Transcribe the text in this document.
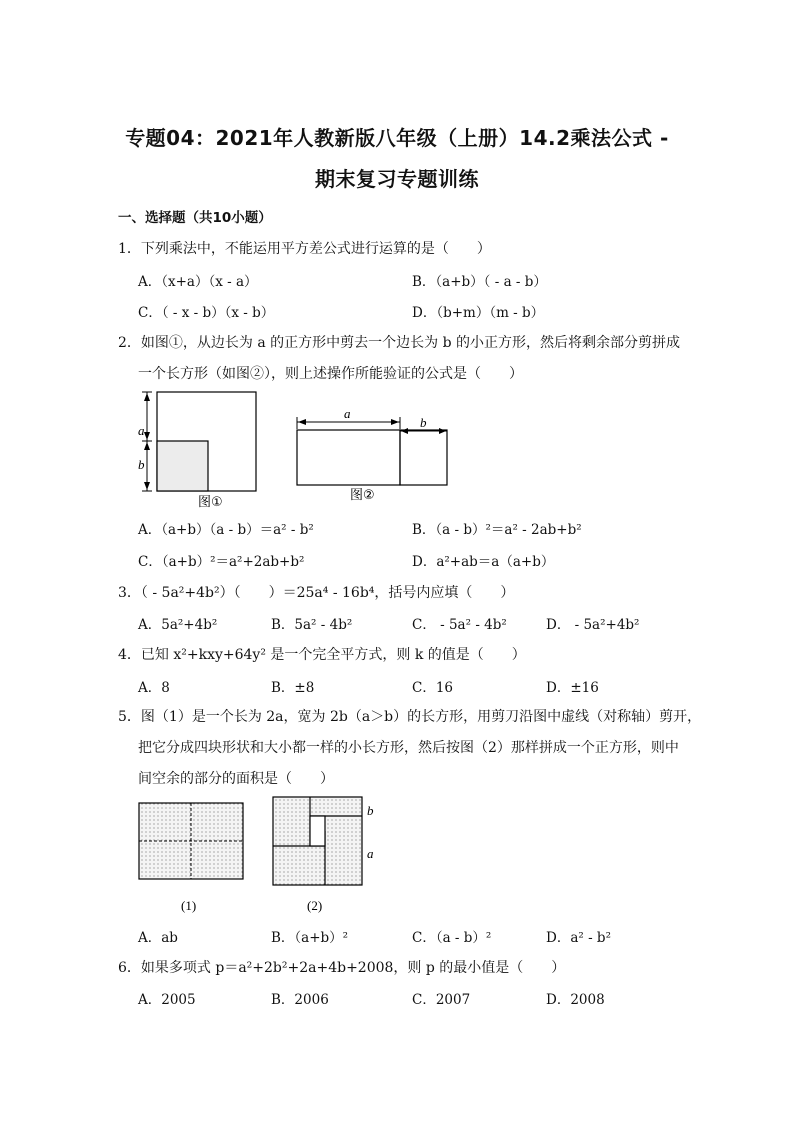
专题04：2021年人教新版八年级（上册）14.2乘法公式 -
期末复习专题训练
一、选择题（共10小题）
1．下列乘法中，不能运用平方差公式进行运算的是（　　）
A．（x+a）（x - a）	B．（a+b）（ - a - b）
C．（ - x - b）（x - b）	D．（b+m）（m - b）
2．如图①，从边长为 a 的正方形中剪去一个边长为 b 的小正方形，然后将剩余部分剪拼成
一个长方形（如图②），则上述操作所能验证的公式是（　　）
a
b
图①
a
b
图②
A．（a+b）（a - b）＝a² - b²	B．（a - b）²＝a² - 2ab+b²
C．（a+b）²＝a²+2ab+b²	D．a²+ab＝a（a+b）
3．（ - 5a²+4b²）（　　）＝25a⁴ - 16b⁴，括号内应填（　　）
A．5a²+4b²	B．5a² - 4b²	C． - 5a² - 4b²	D． - 5a²+4b²
4．已知 x²+kxy+64y² 是一个完全平方式，则 k 的值是（　　）
A．8	B．±8	C．16	D．±16
5．图（1）是一个长为 2a，宽为 2b（a＞b）的长方形，用剪刀沿图中虚线（对称轴）剪开，
把它分成四块形状和大小都一样的小长方形，然后按图（2）那样拼成一个正方形，则中
间空余的部分的面积是（　　）
(1)
b
a
(2)
A．ab	B．（a+b）²	C．（a - b）²	D．a² - b²
6．如果多项式 p＝a²+2b²+2a+4b+2008，则 p 的最小值是（　　）
A．2005	B．2006	C．2007	D．2008
